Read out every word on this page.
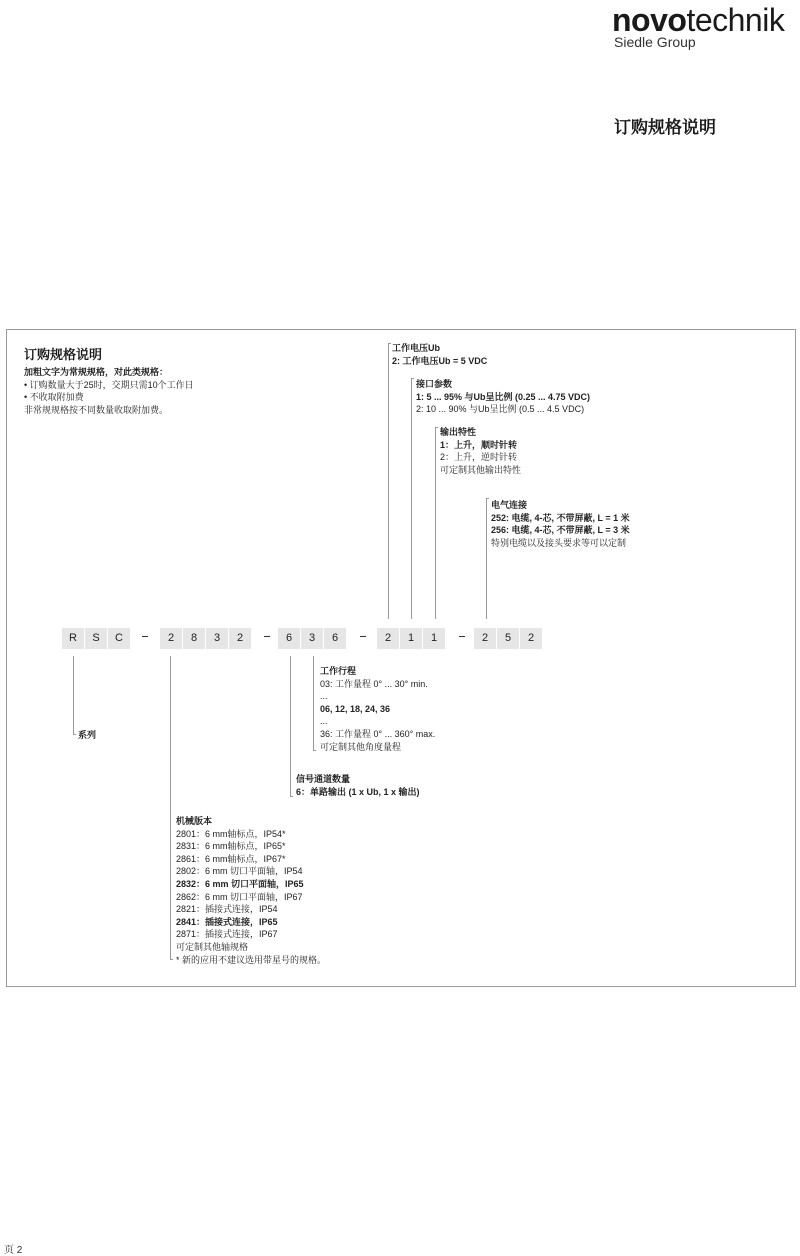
novotechnik
Siedle Group
订购规格说明
订购规格说明
加粗文字为常规规格，对此类规格：
• 订购数量大于25时，交期只需10个工作日
• 不收取附加费
非常规规格按不同数量收取附加费。
R	S	C	2	8	3	2	6	3	6	2	1	1	2	5	2
工作电压Ub
2: 工作电压Ub = 5 VDC
接口参数
1: 5 ... 95% 与Ub呈比例 (0.25 ... 4.75 VDC)
2: 10 ... 90% 与Ub呈比例 (0.5 ... 4.5 VDC)
输出特性
1：上升，顺时针转
2：上升，逆时针转
可定制其他输出特性
电气连接
252: 电缆, 4-芯, 不带屏蔽, L = 1 米
256: 电缆, 4-芯, 不带屏蔽, L = 3 米
特别电缆以及接头要求等可以定制
工作行程
03: 工作量程 0° ... 30° min.
...
06, 12, 18, 24, 36
...
36: 工作量程 0° ... 360° max.
可定制其他角度量程
信号通道数量
6：单路输出 (1 x Ub, 1 x 输出)
系列
机械版本
2801：6 mm轴标点，IP54*
2831：6 mm轴标点，IP65*
2861：6 mm轴标点，IP67*
2802：6 mm 切口平面轴，IP54
2832：6 mm 切口平面轴，IP65
2862：6 mm 切口平面轴，IP67
2821：插接式连接，IP54
2841：插接式连接，IP65
2871：插接式连接，IP67
可定制其他轴规格
* 新的应用不建议选用带星号的规格。
页 2
